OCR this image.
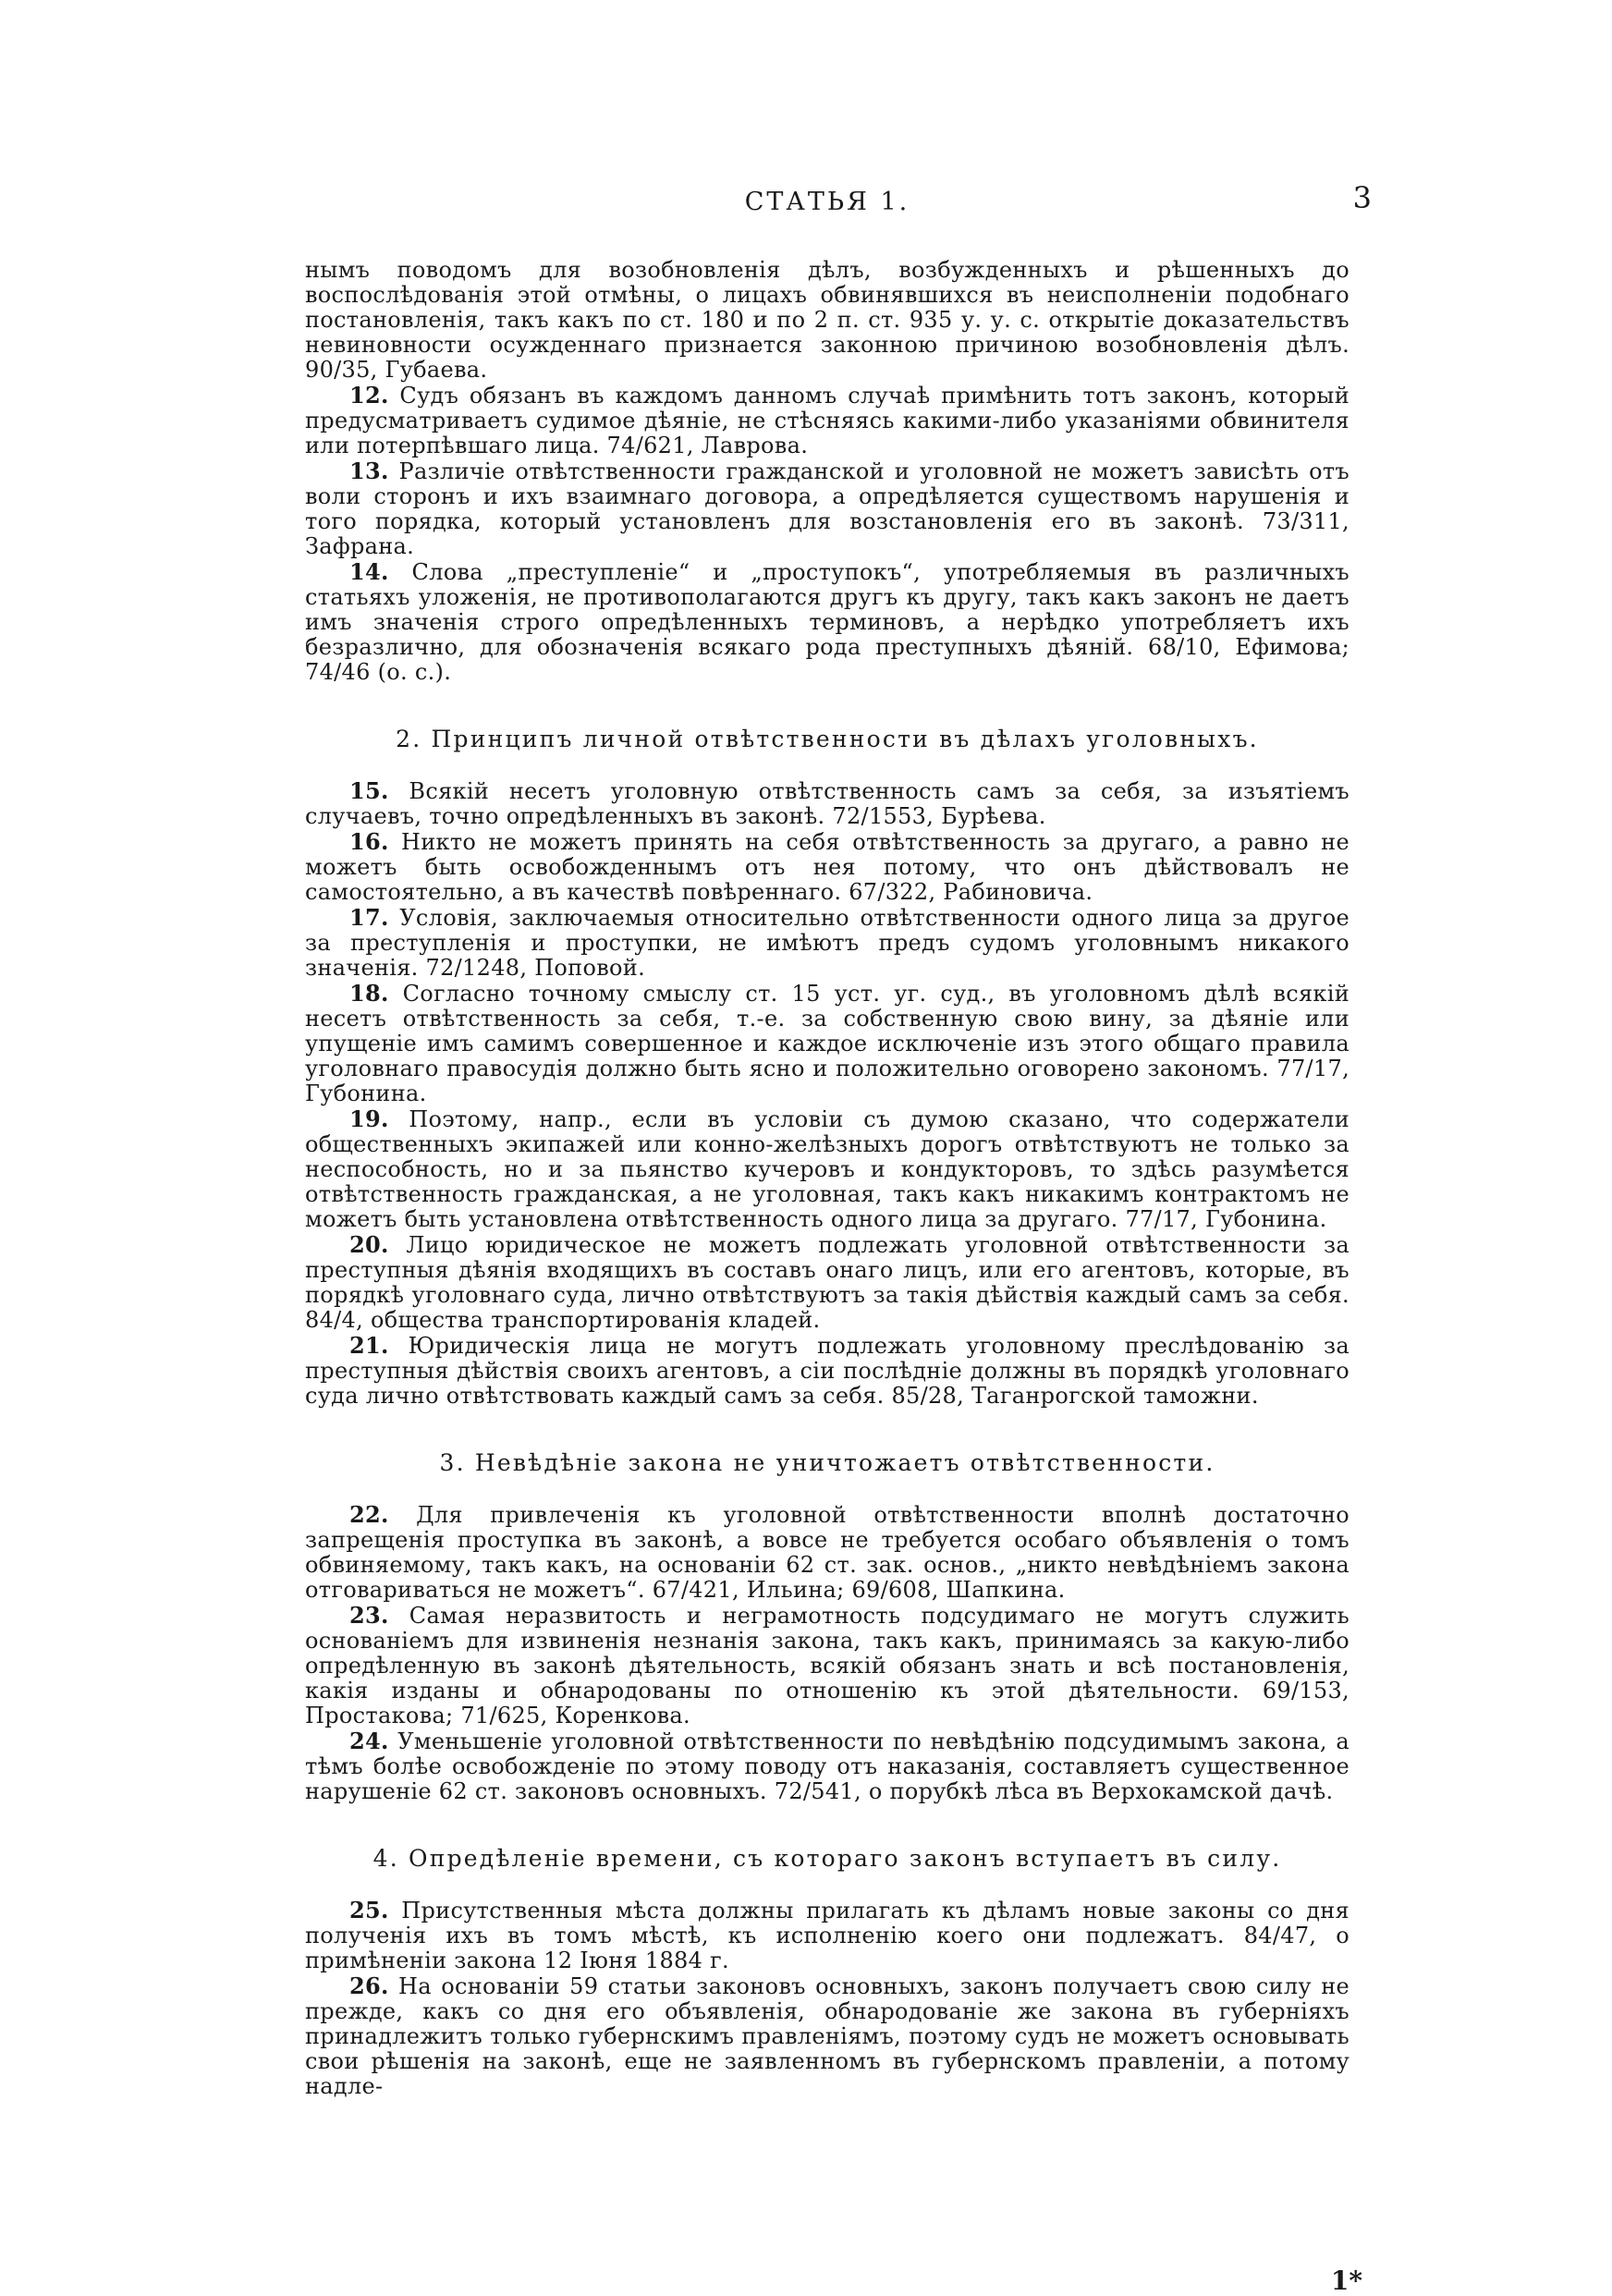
СТАТЬЯ 1.	3

нымъ поводомъ для возобновленія дѣлъ, возбужденныхъ и рѣшенныхъ до воспослѣдованія этой отмѣны, о лицахъ обвинявшихся въ неисполненіи подобнаго постановленія, такъ какъ по ст. 180 и по 2 п. ст. 935 у. у. с. открытіе доказательствъ невиновности осужденнаго признается законною причиною возобновленія дѣлъ. 90/35, Губаева.

12. Судъ обязанъ въ каждомъ данномъ случаѣ примѣнить тотъ законъ, который предусматриваетъ судимое дѣяніе, не стѣсняясь какими-либо указаніями обвинителя или потерпѣвшаго лица. 74/621, Лаврова.

13. Различіе отвѣтственности гражданской и уголовной не можетъ зависѣть отъ воли сторонъ и ихъ взаимнаго договора, а опредѣляется существомъ нарушенія и того порядка, который установленъ для возстановленія его въ законѣ. 73/311, Зафрана.

14. Слова „преступленіе“ и „проступокъ“, употребляемыя въ различныхъ статьяхъ уложенія, не противополагаются другъ къ другу, такъ какъ законъ не даетъ имъ значенія строго опредѣленныхъ терминовъ, а нерѣдко употребляетъ ихъ безразлично, для обозначенія всякаго рода преступныхъ дѣяній. 68/10, Ефимова; 74/46 (о. с.).

2. Принципъ личной отвѣтственности въ дѣлахъ уголовныхъ.

15. Всякій несетъ уголовную отвѣтственность самъ за себя, за изъятіемъ случаевъ, точно опредѣленныхъ въ законѣ. 72/1553, Бурѣева.

16. Никто не можетъ принять на себя отвѣтственность за другаго, а равно не можетъ быть освобожденнымъ отъ нея потому, что онъ дѣйствовалъ не самостоятельно, а въ качествѣ повѣреннаго. 67/322, Рабиновича.

17. Условія, заключаемыя относительно отвѣтственности одного лица за другое за преступленія и проступки, не имѣютъ предъ судомъ уголовнымъ никакого значенія. 72/1248, Поповой.

18. Согласно точному смыслу ст. 15 уст. уг. суд., въ уголовномъ дѣлѣ всякій несетъ отвѣтственность за себя, т.-е. за собственную свою вину, за дѣяніе или упущеніе имъ самимъ совершенное и каждое исключеніе изъ этого общаго правила уголовнаго правосудія должно быть ясно и положительно оговорено закономъ. 77/17, Губонина.

19. Поэтому, напр., если въ условіи съ думою сказано, что содержатели общественныхъ экипажей или конно-желѣзныхъ дорогъ отвѣтствуютъ не только за неспособность, но и за пьянство кучеровъ и кондукторовъ, то здѣсь разумѣется отвѣтственность гражданская, а не уголовная, такъ какъ никакимъ контрактомъ не можетъ быть установлена отвѣтственность одного лица за другаго. 77/17, Губонина.

20. Лицо юридическое не можетъ подлежать уголовной отвѣтственности за преступныя дѣянія входящихъ въ составъ онаго лицъ, или его агентовъ, которые, въ порядкѣ уголовнаго суда, лично отвѣтствуютъ за такія дѣйствія каждый самъ за себя. 84/4, общества транспортированія кладей.

21. Юридическія лица не могутъ подлежать уголовному преслѣдованію за преступныя дѣйствія своихъ агентовъ, а сіи послѣдніе должны въ порядкѣ уголовнаго суда лично отвѣтствовать каждый самъ за себя. 85/28, Таганрогской таможни.

3. Невѣдѣніе закона не уничтожаетъ отвѣтственности.

22. Для привлеченія къ уголовной отвѣтственности вполнѣ достаточно запрещенія проступка въ законѣ, а вовсе не требуется особаго объявленія о томъ обвиняемому, такъ какъ, на основаніи 62 ст. зак. основ., „никто невѣдѣніемъ закона отговариваться не можетъ“. 67/421, Ильина; 69/608, Шапкина.

23. Самая неразвитость и неграмотность подсудимаго не могутъ служить основаніемъ для извиненія незнанія закона, такъ какъ, принимаясь за какую-либо опредѣленную въ законѣ дѣятельность, всякій обязанъ знать и всѣ постановленія, какія изданы и обнародованы по отношенію къ этой дѣятельности. 69/153, Простакова; 71/625, Коренкова.

24. Уменьшеніе уголовной отвѣтственности по невѣдѣнію подсудимымъ закона, а тѣмъ болѣе освобожденіе по этому поводу отъ наказанія, составляетъ существенное нарушеніе 62 ст. законовъ основныхъ. 72/541, о порубкѣ лѣса въ Верхокамской дачѣ.

4. Опредѣленіе времени, съ котораго законъ вступаетъ въ силу.

25. Присутственныя мѣста должны прилагать къ дѣламъ новые законы со дня полученія ихъ въ томъ мѣстѣ, къ исполненію коего они подлежатъ. 84/47, о примѣненіи закона 12 Іюня 1884 г.

26. На основаніи 59 статьи законовъ основныхъ, законъ получаетъ свою силу не прежде, какъ со дня его объявленія, обнародованіе же закона въ губерніяхъ принадлежитъ только губернскимъ правленіямъ, поэтому судъ не можетъ основывать свои рѣшенія на законѣ, еще не заявленномъ въ губернскомъ правленіи, а потому надле-

1*
